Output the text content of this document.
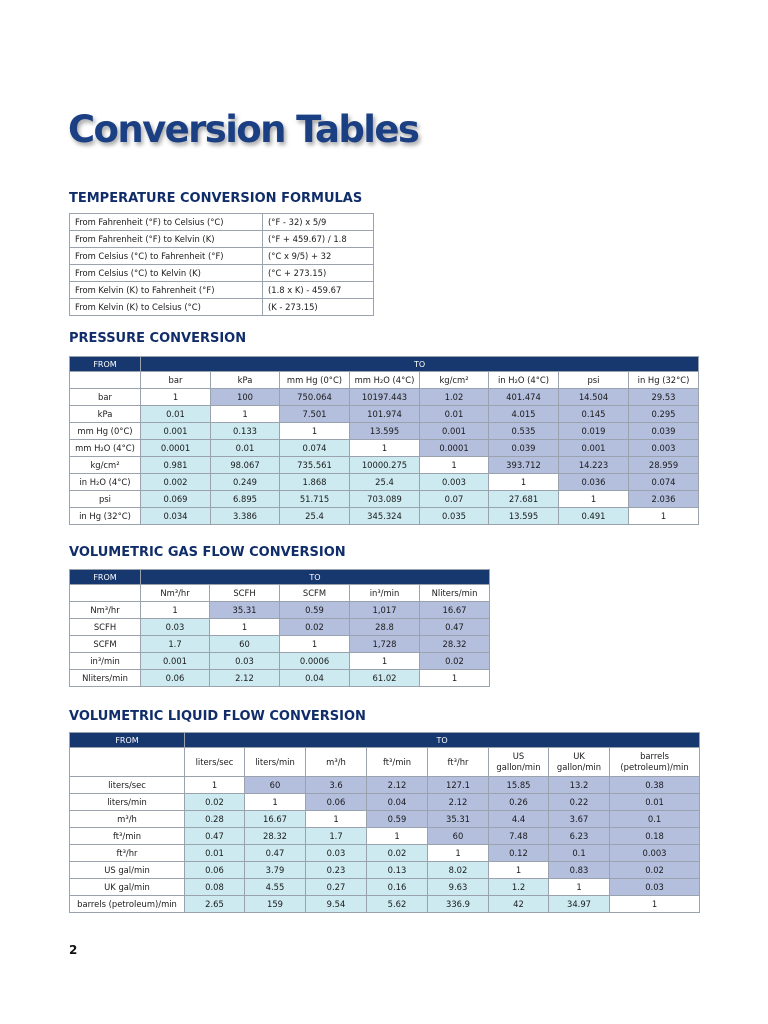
Conversion Tables
TEMPERATURE CONVERSION FORMULAS
From Fahrenheit (°F) to Celsius (°C)	(°F - 32) x 5/9
From Fahrenheit (°F) to Kelvin (K)	(°F + 459.67) / 1.8
From Celsius (°C) to Fahrenheit (°F)	(°C x 9/5) + 32
From Celsius (°C) to Kelvin (K)	(°C + 273.15)
From Kelvin (K) to Fahrenheit (°F)	(1.8 x K) - 459.67
From Kelvin (K) to Celsius (°C)	(K - 273.15)
PRESSURE CONVERSION
FROM	TO							
	bar	kPa	mm Hg (0°C)	mm H₂O (4°C)	kg/cm²	in H₂O (4°C)	psi	in Hg (32°C)
bar	1	100	750.064	10197.443	1.02	401.474	14.504	29.53
kPa	0.01	1	7.501	101.974	0.01	4.015	0.145	0.295
mm Hg (0°C)	0.001	0.133	1	13.595	0.001	0.535	0.019	0.039
mm H₂O (4°C)	0.0001	0.01	0.074	1	0.0001	0.039	0.001	0.003
kg/cm²	0.981	98.067	735.561	10000.275	1	393.712	14.223	28.959
in H₂O (4°C)	0.002	0.249	1.868	25.4	0.003	1	0.036	0.074
psi	0.069	6.895	51.715	703.089	0.07	27.681	1	2.036
in Hg (32°C)	0.034	3.386	25.4	345.324	0.035	13.595	0.491	1
VOLUMETRIC GAS FLOW CONVERSION
FROM	TO				
	Nm³/hr	SCFH	SCFM	in³/min	Nliters/min
Nm³/hr	1	35.31	0.59	1,017	16.67
SCFH	0.03	1	0.02	28.8	0.47
SCFM	1.7	60	1	1,728	28.32
in³/min	0.001	0.03	0.0006	1	0.02
Nliters/min	0.06	2.12	0.04	61.02	1
VOLUMETRIC LIQUID FLOW CONVERSION
FROM	TO							
	liters/sec	liters/min	m³/h	ft³/min	ft³/hr	US gallon/min	UK gallon/min	barrels (petroleum)/min
liters/sec	1	60	3.6	2.12	127.1	15.85	13.2	0.38
liters/min	0.02	1	0.06	0.04	2.12	0.26	0.22	0.01
m³/h	0.28	16.67	1	0.59	35.31	4.4	3.67	0.1
ft³/min	0.47	28.32	1.7	1	60	7.48	6.23	0.18
ft³/hr	0.01	0.47	0.03	0.02	1	0.12	0.1	0.003
US gal/min	0.06	3.79	0.23	0.13	8.02	1	0.83	0.02
UK gal/min	0.08	4.55	0.27	0.16	9.63	1.2	1	0.03
barrels (petroleum)/min	2.65	159	9.54	5.62	336.9	42	34.97	1
2
